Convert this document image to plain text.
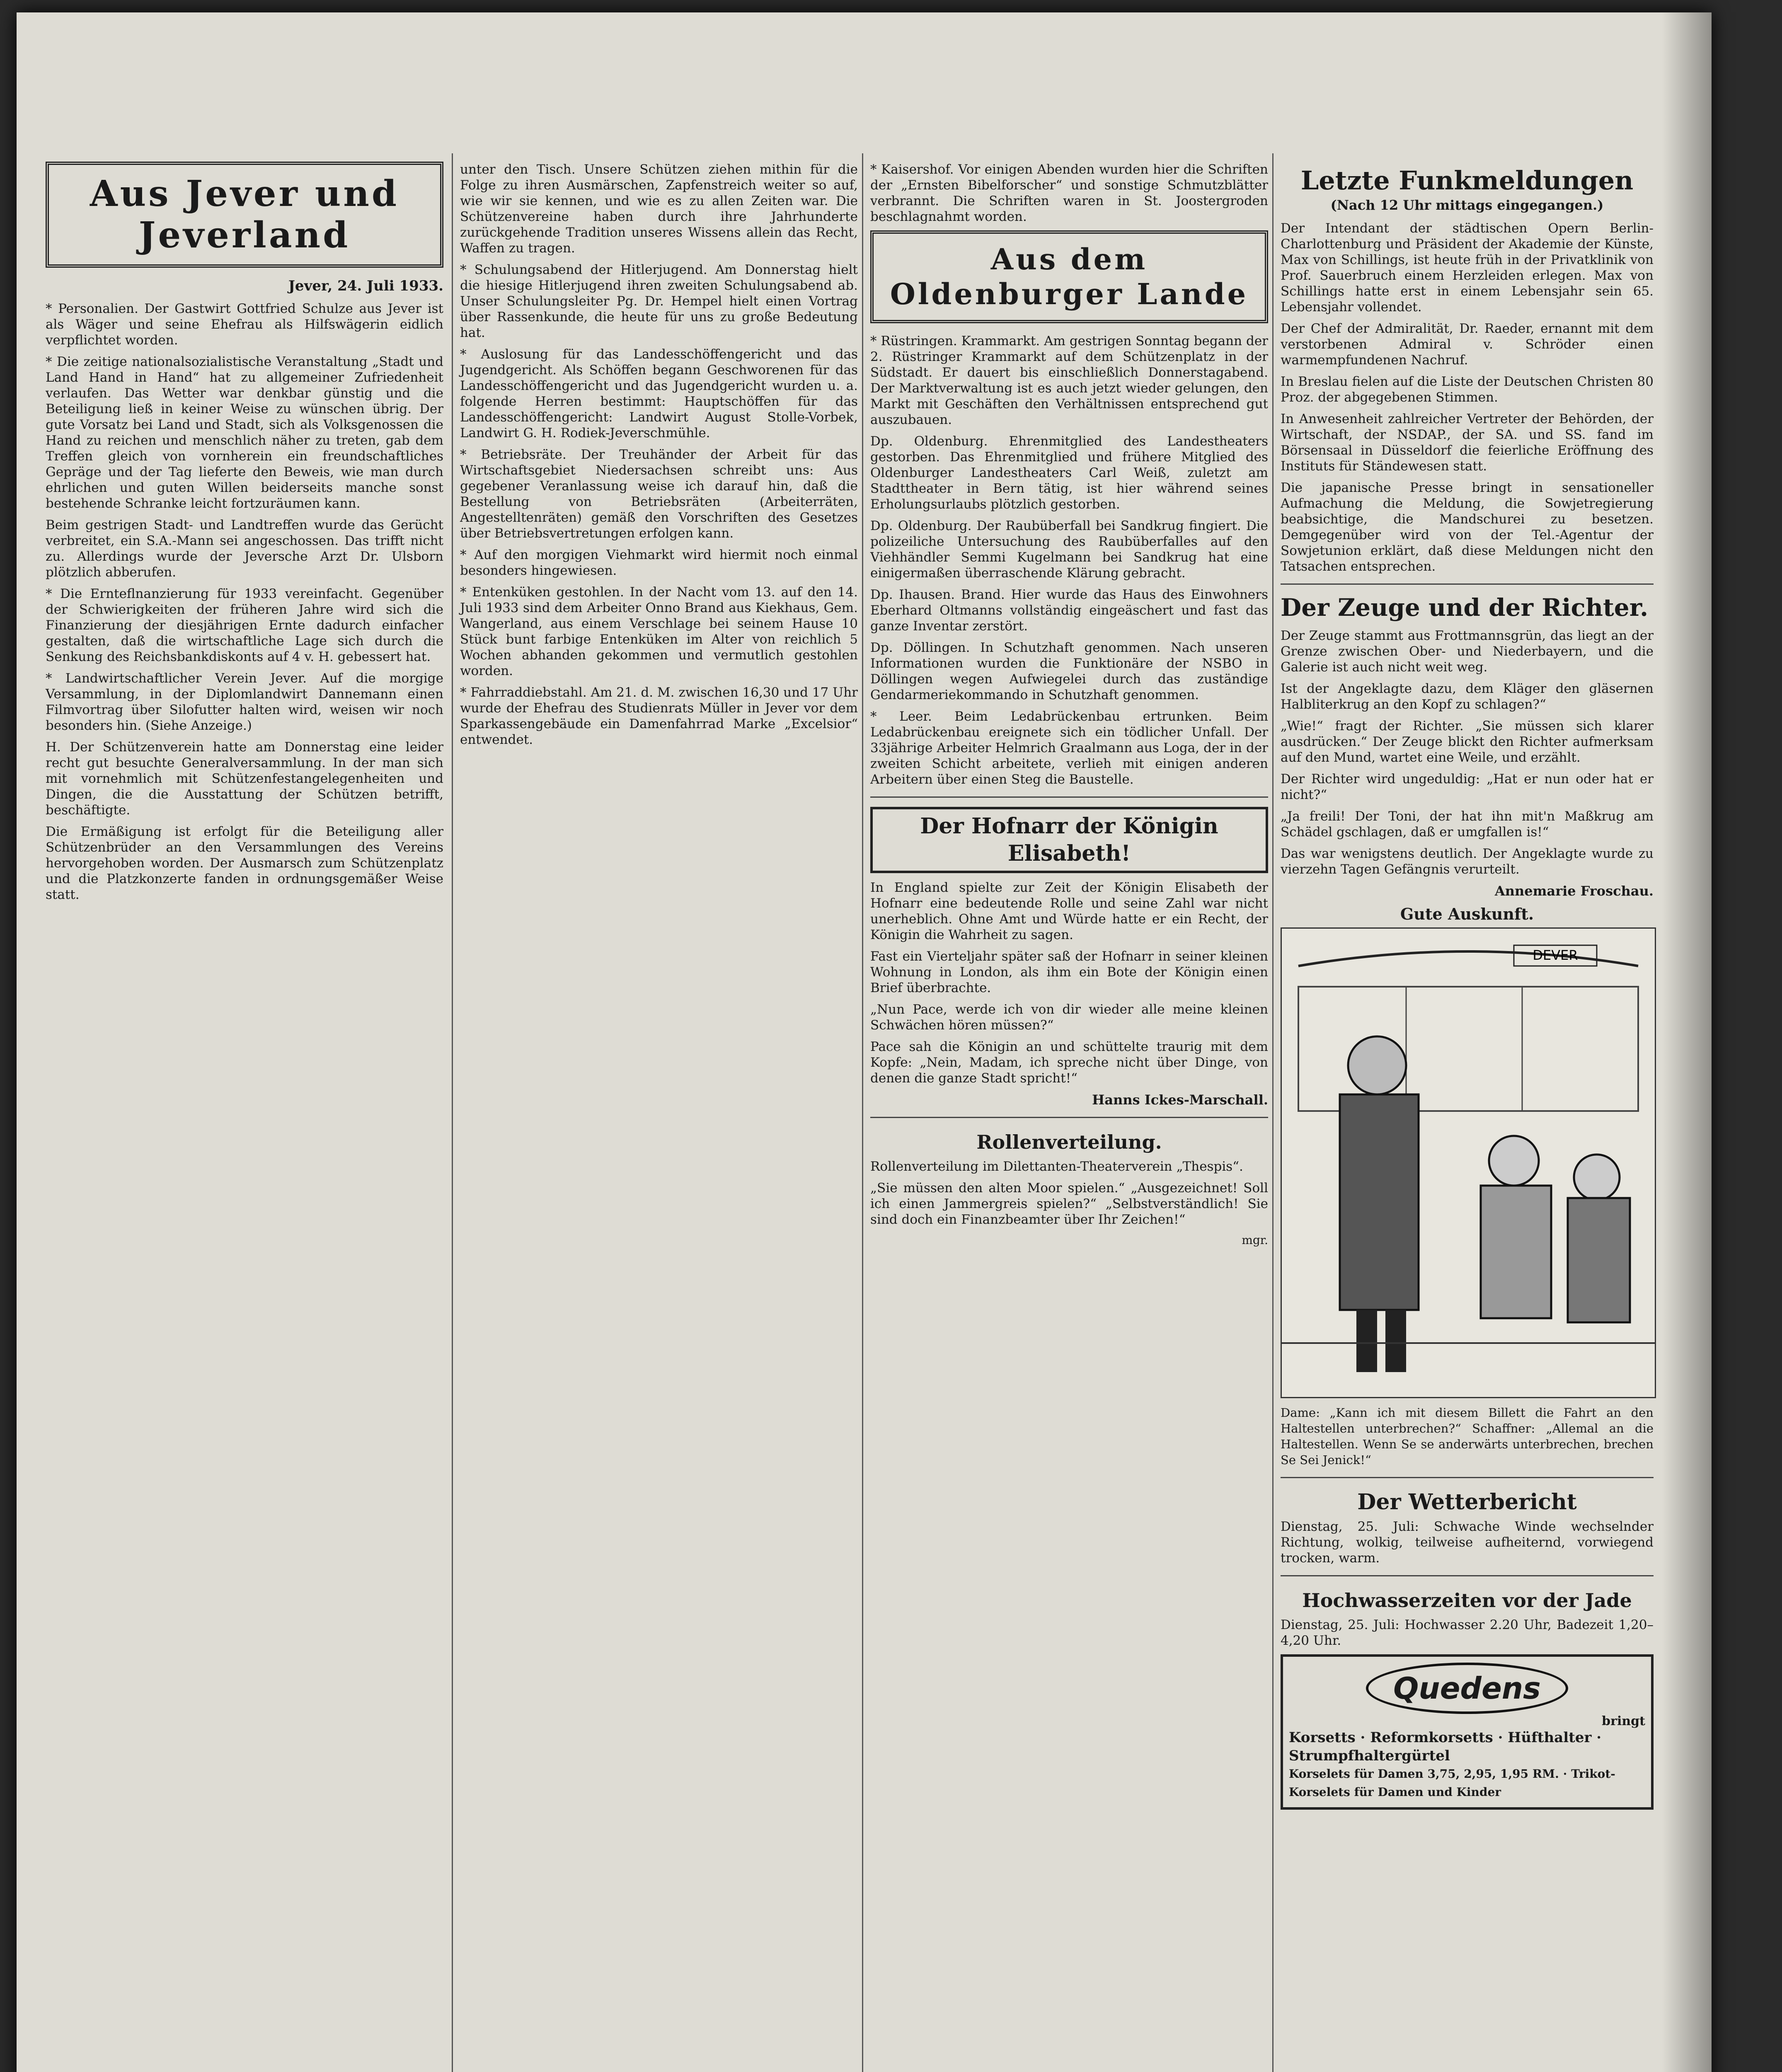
Aus Jever und Jeverland
Jever, 24. Juli 1933.

* Personalien. Der Gastwirt Gottfried Schulze aus Jever ist als Wäger und seine Ehefrau als Hilfswägerin eidlich verpflichtet worden.

* Die zeitige nationalsozialistische Veranstaltung „Stadt und Land Hand in Hand“ hat zu allgemeiner Zufriedenheit verlaufen. Das Wetter war denkbar günstig und die Beteiligung ließ in keiner Weise zu wünschen übrig. Der gute Vorsatz bei Land und Stadt, sich als Volksgenossen die Hand zu reichen und menschlich näher zu treten, gab dem Treffen gleich von vornherein ein freundschaftliches Gepräge und der Tag lieferte den Beweis, wie man durch ehrlichen und guten Willen beiderseits manche sonst bestehende Schranke leicht fortzuräumen kann.

Beim gestrigen Stadt- und Landtreffen wurde das Gerücht verbreitet, ein S.A.-Mann sei angeschossen. Das trifft nicht zu. Allerdings wurde der Jeversche Arzt Dr. Ulsborn plötzlich abberufen.

* Die Ernteflnanzierung für 1933 vereinfacht. Gegenüber der Schwierigkeiten der früheren Jahre wird sich die Finanzierung der diesjährigen Ernte dadurch einfacher gestalten, daß die wirtschaftliche Lage sich durch die Senkung des Reichsbankdiskonts auf 4 v. H. gebessert hat.

* Landwirtschaftlicher Verein Jever. Auf die morgige Versammlung, in der Diplomlandwirt Dannemann einen Filmvortrag über Silofutter halten wird, weisen wir noch besonders hin. (Siehe Anzeige.)

H. Der Schützenverein hatte am Donnerstag eine leider recht gut besuchte Generalversammlung. In der man sich mit vornehmlich mit Schützenfestangelegenheiten und Dingen, die die Ausstattung der Schützen betrifft, beschäftigte.

Die Ermäßigung ist erfolgt für die Beteiligung aller Schützenbrüder an den Versammlungen des Vereins hervorgehoben worden. Der Ausmarsch zum Schützenplatz und die Platzkonzerte fanden in ordnungsgemäßer Weise statt.

unter den Tisch. Unsere Schützen ziehen mithin für die Folge zu ihren Ausmärschen, Zapfenstreich weiter so auf, wie wir sie kennen, und wie es zu allen Zeiten war. Die Schützenvereine haben durch ihre Jahrhunderte zurückgehende Tradition unseres Wissens allein das Recht, Waffen zu tragen.

* Schulungsabend der Hitlerjugend. Am Donnerstag hielt die hiesige Hitlerjugend ihren zweiten Schulungsabend ab. Unser Schulungsleiter Pg. Dr. Hempel hielt einen Vortrag über Rassenkunde, die heute für uns zu große Bedeutung hat.

* Auslosung für das Landesschöffengericht und das Jugendgericht. Als Schöffen begann Geschworenen für das Landesschöffengericht und das Jugendgericht wurden u. a. folgende Herren bestimmt: Hauptschöffen für das Landesschöffengericht: Landwirt August Stolle-Vorbek, Landwirt G. H. Rodiek-Jeverschmühle.

* Betriebsräte. Der Treuhänder der Arbeit für das Wirtschaftsgebiet Niedersachsen schreibt uns: Aus gegebener Veranlassung weise ich darauf hin, daß die Bestellung von Betriebsräten (Arbeiterräten, Angestelltenräten) gemäß den Vorschriften des Gesetzes über Betriebsvertretungen erfolgen kann.

* Auf den morgigen Viehmarkt wird hiermit noch einmal besonders hingewiesen.

* Entenküken gestohlen. In der Nacht vom 13. auf den 14. Juli 1933 sind dem Arbeiter Onno Brand aus Kiekhaus, Gem. Wangerland, aus einem Verschlage bei seinem Hause 10 Stück bunt farbige Entenküken im Alter von reichlich 5 Wochen abhanden gekommen und vermutlich gestohlen worden.

* Fahrraddiebstahl. Am 21. d. M. zwischen 16,30 und 17 Uhr wurde der Ehefrau des Studienrats Müller in Jever vor dem Sparkassengebäude ein Damenfahrrad Marke „Excelsior“ entwendet.

* Kaisershof. Vor einigen Abenden wurden hier die Schriften der „Ernsten Bibelforscher“ und sonstige Schmutzblätter verbrannt. Die Schriften waren in St. Joostergroden beschlagnahmt worden.

Aus dem Oldenburger Lande

* Rüstringen. Krammarkt. Am gestrigen Sonntag begann der 2. Rüstringer Krammarkt auf dem Schützenplatz in der Südstadt. Er dauert bis einschließlich Donnerstagabend. Der Marktverwaltung ist es auch jetzt wieder gelungen, den Markt mit Geschäften den Verhältnissen entsprechend gut auszubauen.

Dp. Oldenburg. Ehrenmitglied des Landestheaters gestorben. Das Ehrenmitglied und frühere Mitglied des Oldenburger Landestheaters Carl Weiß, zuletzt am Stadttheater in Bern tätig, ist hier während seines Erholungsurlaubs plötzlich gestorben.

Dp. Oldenburg. Der Raubüberfall bei Sandkrug fingiert. Die polizeiliche Untersuchung des Raubüberfalles auf den Viehhändler Semmi Kugelmann bei Sandkrug hat eine einigermaßen überraschende Klärung gebracht.

Dp. Ihausen. Brand. Hier wurde das Haus des Einwohners Eberhard Oltmanns vollständig eingeäschert und fast das ganze Inventar zerstört.

Dp. Döllingen. In Schutzhaft genommen. Nach unseren Informationen wurden die Funktionäre der NSBO in Döllingen wegen Aufwiegelei durch das zuständige Gendarmeriekommando in Schutzhaft genommen.

* Leer. Beim Ledabrückenbau ertrunken. Beim Ledabrückenbau ereignete sich ein tödlicher Unfall. Der 33jährige Arbeiter Helmrich Graalmann aus Loga, der in der zweiten Schicht arbeitete, verlieh mit einigen anderen Arbeitern über einen Steg die Baustelle.

Der Hofnarr der Königin Elisabeth!

In England spielte zur Zeit der Königin Elisabeth der Hofnarr eine bedeutende Rolle und seine Zahl war nicht unerheblich. Ohne Amt und Würde hatte er ein Recht, der Königin die Wahrheit zu sagen.

Fast ein Vierteljahr später saß der Hofnarr in seiner kleinen Wohnung in London, als ihm ein Bote der Königin einen Brief überbrachte.

„Nun Pace, werde ich von dir wieder alle meine kleinen Schwächen hören müssen?“

Pace sah die Königin an und schüttelte traurig mit dem Kopfe: „Nein, Madam, ich spreche nicht über Dinge, von denen die ganze Stadt spricht!“

Hanns Ickes-Marschall.
Rollenverteilung.

Rollenverteilung im Dilettanten-Theaterverein „Thespis“.

„Sie müssen den alten Moor spielen.“ „Ausgezeichnet! Soll ich einen Jammergreis spielen?“ „Selbstverständlich! Sie sind doch ein Finanzbeamter über Ihr Zeichen!“

mgr.
Letzte Funkmeldungen
(Nach 12 Uhr mittags eingegangen.)

Der Intendant der städtischen Opern Berlin-Charlottenburg und Präsident der Akademie der Künste, Max von Schillings, ist heute früh in der Privatklinik von Prof. Sauerbruch einem Herzleiden erlegen. Max von Schillings hatte erst in einem Lebensjahr sein 65. Lebensjahr vollendet.

Der Chef der Admiralität, Dr. Raeder, ernannt mit dem verstorbenen Admiral v. Schröder einen warmempfundenen Nachruf.

In Breslau fielen auf die Liste der Deutschen Christen 80 Proz. der abgegebenen Stimmen.

In Anwesenheit zahlreicher Vertreter der Behörden, der Wirtschaft, der NSDAP., der SA. und SS. fand im Börsensaal in Düsseldorf die feierliche Eröffnung des Instituts für Ständewesen statt.

Die japanische Presse bringt in sensationeller Aufmachung die Meldung, die Sowjetregierung beabsichtige, die Mandschurei zu besetzen. Demgegenüber wird von der Tel.-Agentur der Sowjetunion erklärt, daß diese Meldungen nicht den Tatsachen entsprechen.

Der Zeuge und der Richter.

Der Zeuge stammt aus Frottmannsgrün, das liegt an der Grenze zwischen Ober- und Niederbayern, und die Galerie ist auch nicht weit weg.

Ist der Angeklagte dazu, dem Kläger den gläsernen Halbliterkrug an den Kopf zu schlagen?“

„Wie!“ fragt der Richter. „Sie müssen sich klarer ausdrücken.“ Der Zeuge blickt den Richter aufmerksam auf den Mund, wartet eine Weile, und erzählt.

Der Richter wird ungeduldig: „Hat er nun oder hat er nicht?“

„Ja freili! Der Toni, der hat ihn mit'n Maßkrug am Schädel gschlagen, daß er umgfallen is!“

Das war wenigstens deutlich. Der Angeklagte wurde zu vierzehn Tagen Gefängnis verurteilt.

Annemarie Froschau.
Gute Auskunft.
DEVER

Dame: „Kann ich mit diesem Billett die Fahrt an den Haltestellen unterbrechen?“ Schaffner: „Allemal an die Haltestellen. Wenn Se se anderwärts unterbrechen, brechen Se Sei Jenick!“

Der Wetterbericht

Dienstag, 25. Juli: Schwache Winde wechselnder Richtung, wolkig, teilweise aufheiternd, vorwiegend trocken, warm.

Hochwasserzeiten vor der Jade

Dienstag, 25. Juli: Hochwasser 2.20 Uhr, Badezeit 1,20–4,20 Uhr.

Quedens
bringt
Korsetts · Reformkorsetts · Hüfthalter · Strumpfhaltergürtel
Korselets für Damen 3,75, 2,95, 1,95 RM. · Trikot-Korselets für Damen und Kinder
